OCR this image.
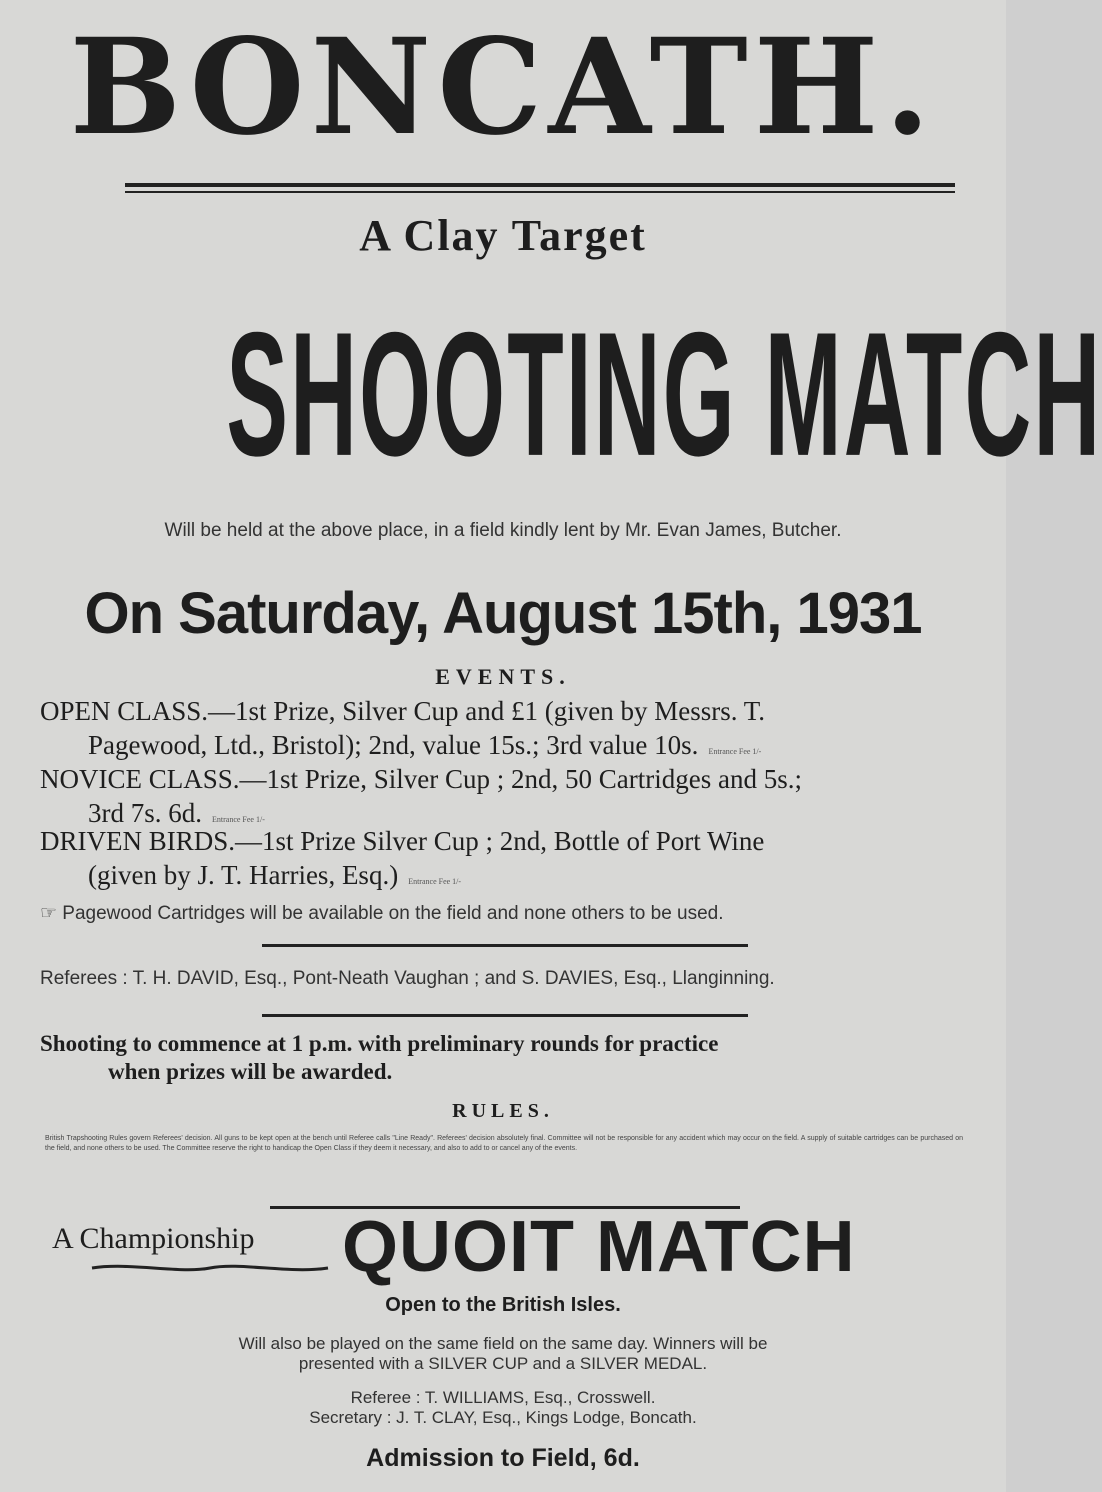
BONCATH.
A Clay Target
SHOOTING MATCH
Will be held at the above place, in a field kindly lent by Mr. Evan James, Butcher.
On Saturday, August 15th, 1931
EVENTS.
OPEN CLASS.—1st Prize, Silver Cup and £1 (given by Messrs. T.
Pagewood, Ltd., Bristol); 2nd, value 15s.; 3rd value 10s. Entrance Fee 1/-
NOVICE CLASS.—1st Prize, Silver Cup ; 2nd, 50 Cartridges and 5s.;
3rd 7s. 6d. Entrance Fee 1/-
DRIVEN BIRDS.—1st Prize Silver Cup ; 2nd, Bottle of Port Wine
(given by J. T. Harries, Esq.) Entrance Fee 1/-
☞ Pagewood Cartridges will be available on the field and none others to be used.
Referees : T. H. DAVID, Esq., Pont-Neath Vaughan ; and S. DAVIES, Esq., Llanginning.
Shooting to commence at 1 p.m. with preliminary rounds for practice
when prizes will be awarded.
RULES.
British Trapshooting Rules govern Referees' decision. All guns to be kept open at the bench until Referee calls "Line Ready". Referees' decision absolutely final. Committee will not be responsible for any accident which may occur on the field. A supply of suitable cartridges can be purchased on the field, and none others to be used. The Committee reserve the right to handicap the Open Class if they deem it necessary, and also to add to or cancel any of the events.
A Championship	QUOIT MATCH
Open to the British Isles.
Will also be played on the same field on the same day. Winners will be
presented with a SILVER CUP and a SILVER MEDAL.
Referee : T. WILLIAMS, Esq., Crosswell.
Secretary : J. T. CLAY, Esq., Kings Lodge, Boncath.
Admission to Field, 6d.
